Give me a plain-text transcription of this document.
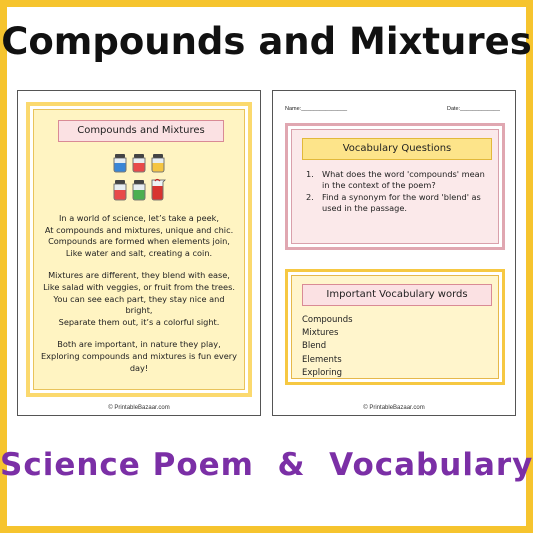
Compounds and Mixtures
Compounds and Mixtures

In a world of science, let’s take a peek,
At compounds and mixtures, unique and chic.
Compounds are formed when elements join,
Like water and salt, creating a coin.

Mixtures are different, they blend with ease,
Like salad with veggies, or fruit from the trees.
You can see each part, they stay nice and bright,
Separate them out, it’s a colorful sight.

Both are important, in nature they play,
Exploring compounds and mixtures is fun every day!

© PrintableBazaar.com
Name:_______________	Date:_____________
Vocabulary Questions
1. What does the word 'compounds' mean in the context of the poem?
2. Find a synonym for the word 'blend' as used in the passage.
Important Vocabulary words
Compounds
Mixtures
Blend
Elements
Exploring
© PrintableBazaar.com
Science Poem  &  Vocabulary
